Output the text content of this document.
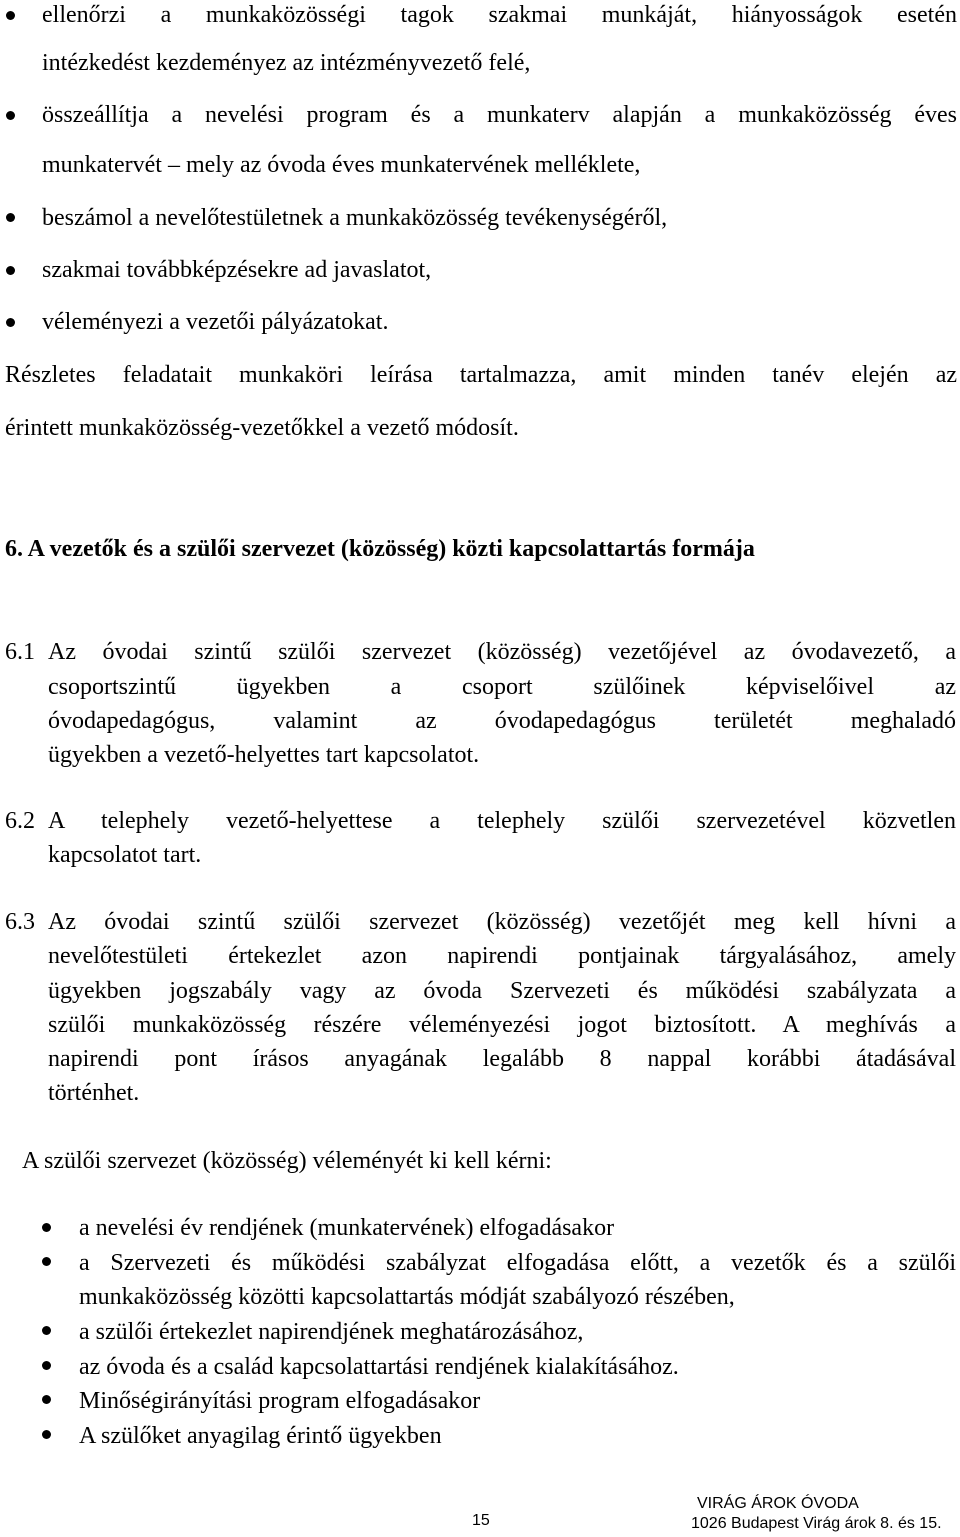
ellenőrzi a munkaközösségi tagok szakmai munkáját, hiányosságok esetén
intézkedést kezdeményez az intézményvezető felé,
összeállítja a nevelési program és a munkaterv alapján a munkaközösség éves
munkatervét – mely az óvoda éves munkatervének melléklete,
beszámol a nevelőtestületnek a munkaközösség tevékenységéről,
szakmai továbbképzésekre ad javaslatot,
véleményezi a vezetői pályázatokat.
Részletes feladatait munkaköri leírása tartalmazza, amit minden tanév elején az
érintett munkaközösség-vezetőkkel a vezető módosít.
6. A vezetők és a szülői szervezet (közösség) közti kapcsolattartás formája
6.1 Az óvodai szintű szülői szervezet (közösség) vezetőjével az óvodavezető, a
csoportszintű ügyekben a csoport szülőinek képviselőivel az
óvodapedagógus, valamint az óvodapedagógus területét meghaladó
ügyekben a vezető-helyettes tart kapcsolatot.
6.2 A telephely vezető-helyettese a telephely szülői szervezetével közvetlen
kapcsolatot tart.
6.3 Az óvodai szintű szülői szervezet (közösség) vezetőjét meg kell hívni a
nevelőtestületi értekezlet azon napirendi pontjainak tárgyalásához, amely
ügyekben jogszabály vagy az óvoda Szervezeti és működési szabályzata a
szülői munkaközösség részére véleményezési jogot biztosított. A meghívás a
napirendi pont írásos anyagának legalább 8 nappal korábbi átadásával
történhet.
A szülői szervezet (közösség) véleményét ki kell kérni:
a nevelési év rendjének (munkatervének) elfogadásakor
a Szervezeti és működési szabályzat elfogadása előtt, a vezetők és a szülői
munkaközösség közötti kapcsolattartás módját szabályozó részében,
a szülői értekezlet napirendjének meghatározásához,
az óvoda és a család kapcsolattartási rendjének kialakításához.
Minőségirányítási program elfogadásakor
A szülőket anyagilag érintő ügyekben
15
VIRÁG ÁROK ÓVODA
1026 Budapest Virág árok 8. és 15.
